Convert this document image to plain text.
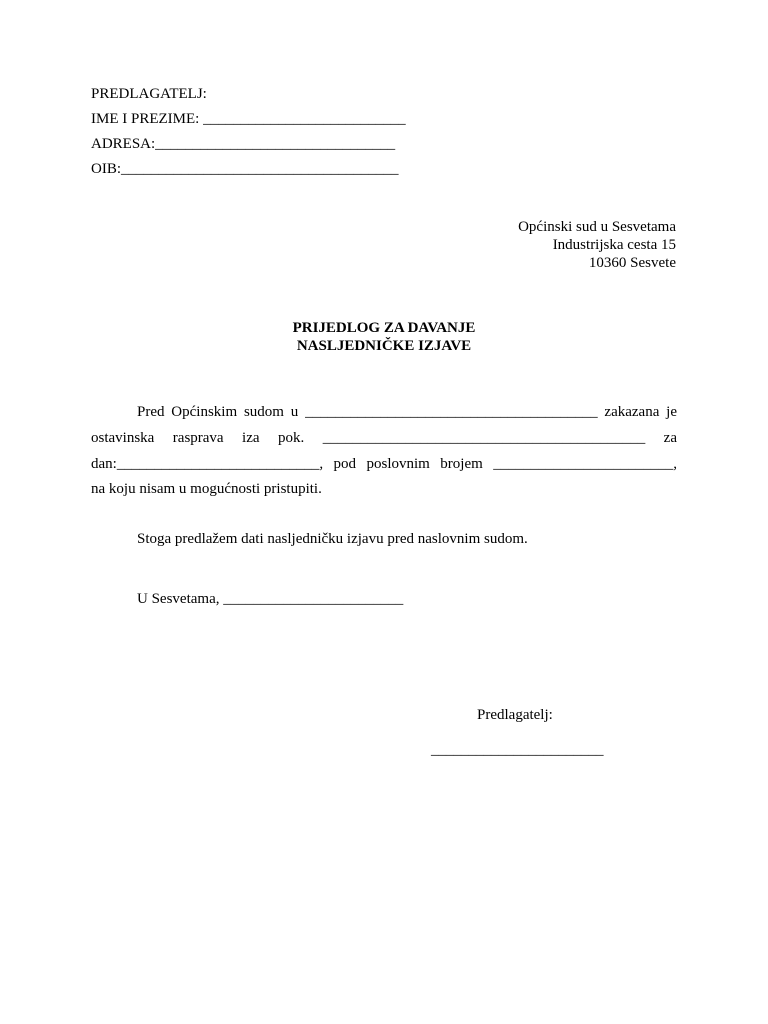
PREDLAGATELJ:
IME I PREZIME: ___________________________
ADRESA:________________________________
OIB:_____________________________________
Općinski sud u Sesvetama
Industrijska cesta 15
10360 Sesvete
PRIJEDLOG ZA DAVANJE
NASLJEDNIČKE IZJAVE
Pred Općinskim sudom u _______________________________________ zakazana je
ostavinska rasprava iza pok. ___________________________________________ za
dan:___________________________, pod poslovnim brojem ________________________,
na koju nisam u mogućnosti pristupiti.
Stoga predlažem dati nasljedničku izjavu pred naslovnim sudom.
U Sesvetama, ________________________
Predlagatelj:
_______________________
